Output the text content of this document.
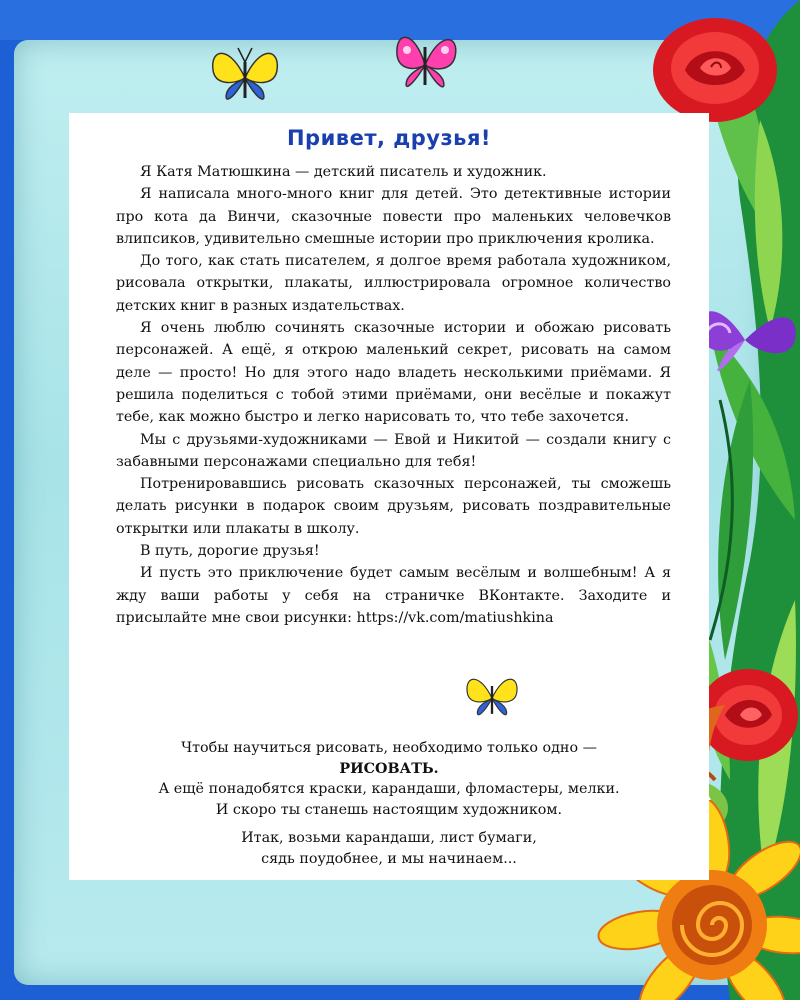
Привет, друзья!

Я Катя Матюшкина — детский писатель и художник.

Я написала много-много книг для детей. Это детективные истории про кота да Винчи, сказочные повести про маленьких человечков влипсиков, удивительно смешные истории про приключения кролика.

До того, как стать писателем, я долгое время работала художником, рисовала открытки, плакаты, иллюстрировала огромное количество детских книг в разных издательствах.

Я очень люблю сочинять сказочные истории и обожаю рисовать персонажей. А ещё, я открою маленький секрет, рисовать на самом деле — просто! Но для этого надо владеть несколькими приёмами. Я решила поделиться с тобой этими приёмами, они весёлые и покажут тебе, как можно быстро и легко нарисовать то, что тебе захочется.

Мы с друзьями-художниками — Евой и Никитой — создали книгу с забавными персонажами специально для тебя!

Потренировавшись рисовать сказочных персонажей, ты сможешь делать рисунки в подарок своим друзьям, рисовать поздравительные открытки или плакаты в школу.

В путь, дорогие друзья!

И пусть это приключение будет самым весёлым и волшебным! А я жду ваши работы у себя на страничке ВКонтакте. Заходите и присылайте мне свои рисунки: https://vk.com/matiushkina

Чтобы научиться рисовать, необходимо только одно —
РИСОВАТЬ.
А ещё понадобятся краски, карандаши, фломастеры, мелки.
И скоро ты станешь настоящим художником.
Итак, возьми карандаши, лист бумаги,
сядь поудобнее, и мы начинаем...
